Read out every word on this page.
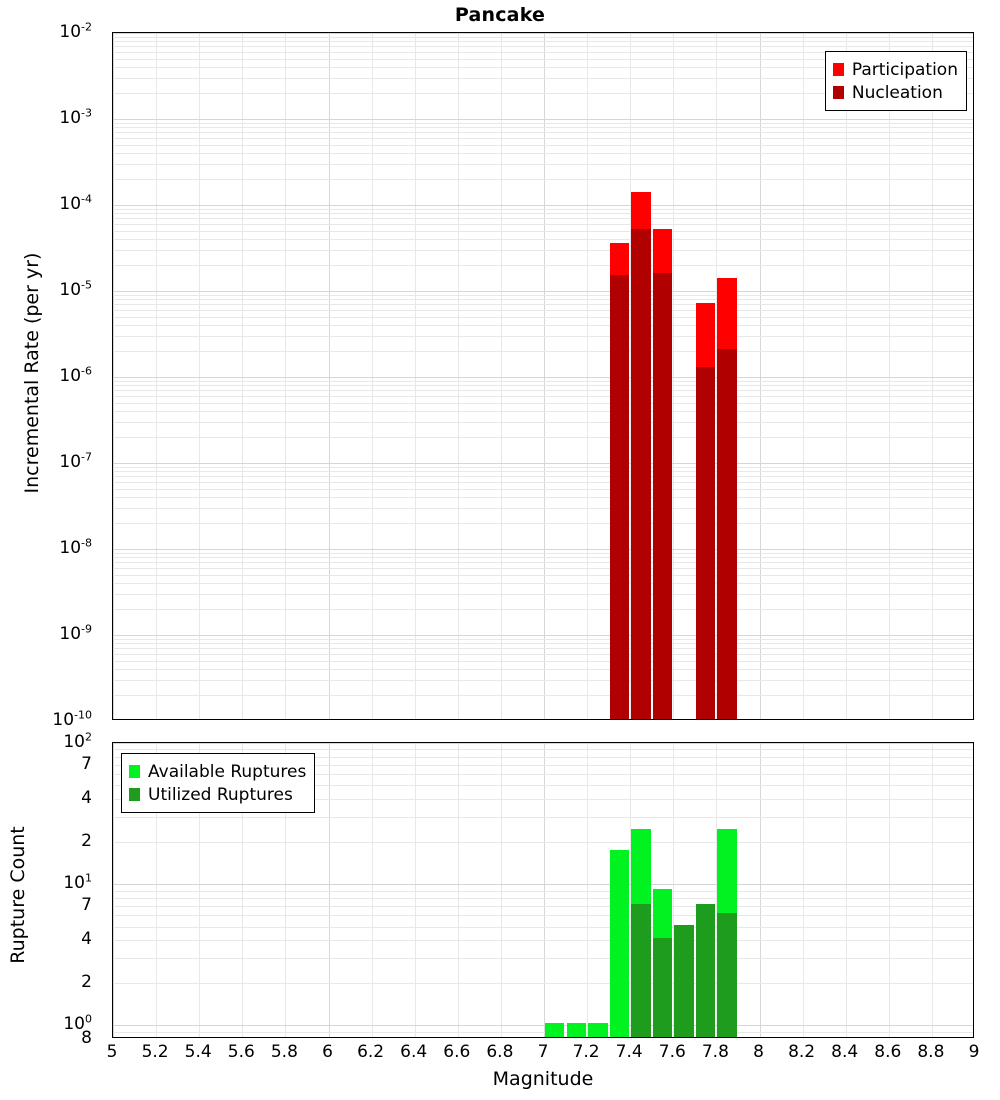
Pancake
Participation
Nucleation
$10^{-2}$
$10^{-3}$
$10^{-4}$
$10^{-5}$
$10^{-6}$
$10^{-7}$
$10^{-8}$
$10^{-9}$
$10^{-10}$
Incremental Rate (per yr)
Available Ruptures
Utilized Ruptures
$10^2$
7
4
2
$10^1$
7
4
2
$10^0$
8
Rupture Count
5 5.2 5.4 5.6 5.8 6 6.2 6.4 6.6 6.8 7 7.2 7.4 7.6 7.8 8 8.2 8.4 8.6 8.8 9
Magnitude
